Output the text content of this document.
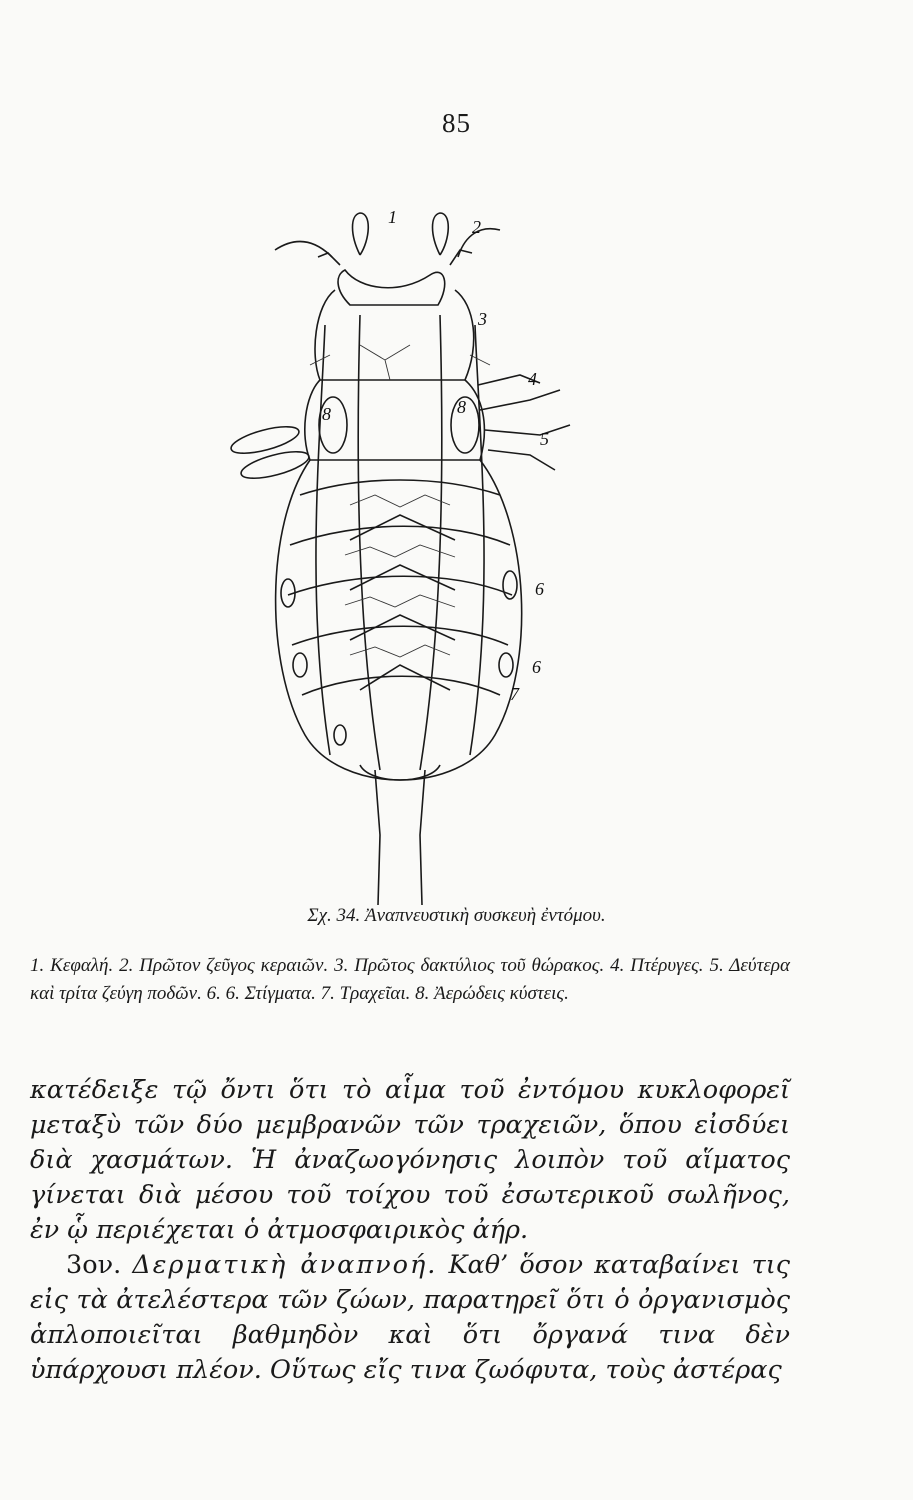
85
1	2
3
4
5
8	8
6
6
7
Σχ. 34. Ἀναπνευστικὴ συσκευὴ ἐντόμου.
1. Κεφαλή. 2. Πρῶτον ζεῦγος κεραιῶν. 3. Πρῶτος δακτύλιος τοῦ θώρακος. 4. Πτέρυγες. 5. Δεύτερα καὶ τρίτα ζεύγη ποδῶν. 6. 6. Στίγματα. 7. Τραχεῖαι. 8. Ἀερώδεις κύστεις.

κατέδειξε τῷ ὄντι ὅτι τὸ αἷμα τοῦ ἐντόμου κυκλοφορεῖ μεταξὺ τῶν δύο μεμβρανῶν τῶν τραχειῶν, ὅπου εἰσδύει διὰ χασμάτων. Ἡ ἀναζωογόνησις λοιπὸν τοῦ αἵματος γίνεται διὰ μέσου τοῦ τοίχου τοῦ ἐσωτερικοῦ σωλῆνος, ἐν ᾧ περιέχεται ὁ ἀτμοσφαιρικὸς ἀήρ.

3ον. Δερματικὴ ἀναπνοή. Καθ’ ὅσον καταβαίνει τις εἰς τὰ ἀτελέστερα τῶν ζώων, παρατηρεῖ ὅτι ὁ ὀργανισμὸς ἁπλοποιεῖται βαθμηδὸν καὶ ὅτι ὄργανά τινα δὲν ὑπάρχουσι πλέον. Οὕτως εἴς τινα ζωόφυτα, τοὺς ἀστέρας
